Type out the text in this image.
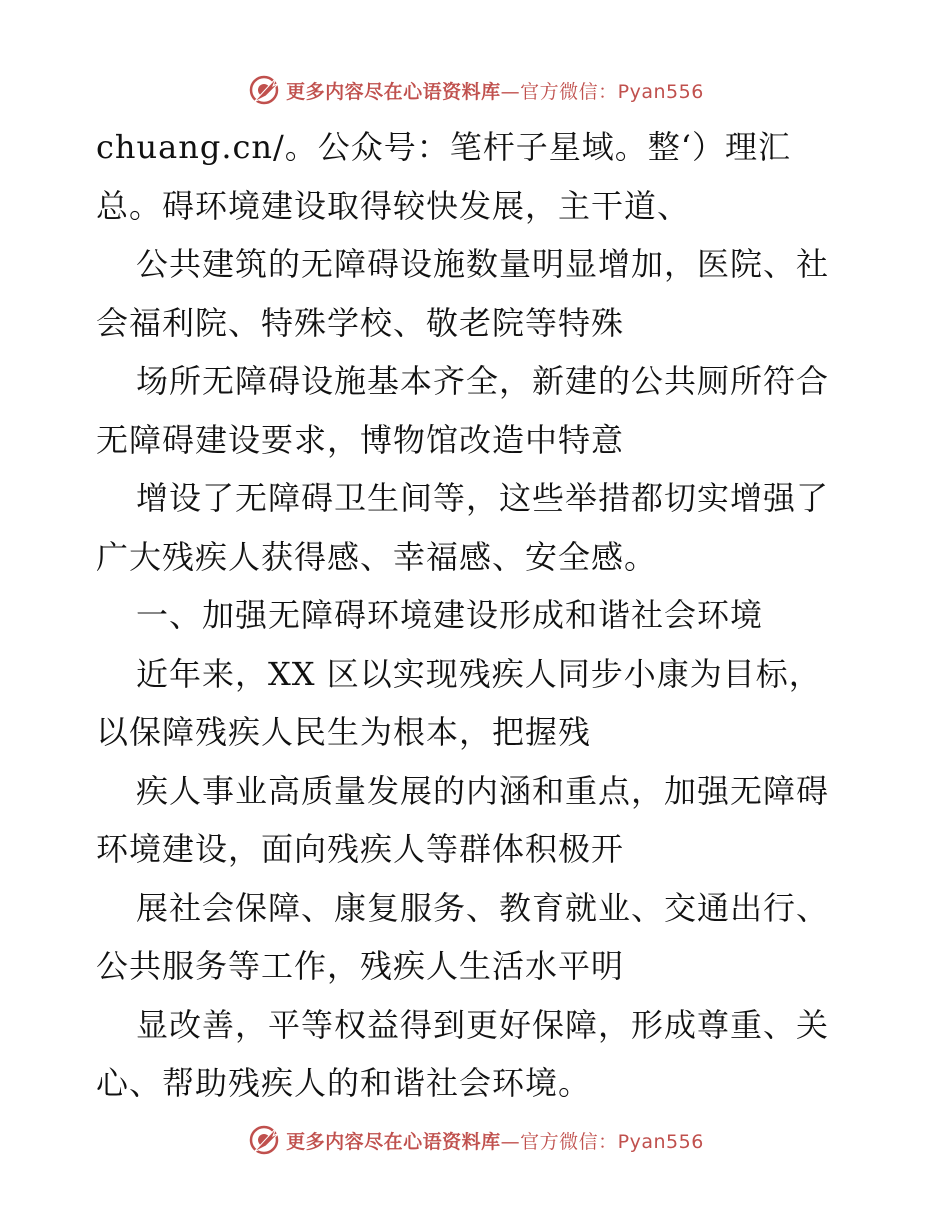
更多内容尽在心语资料库—官方微信：Pyan556
chuang.cn/。公众号：笔杆子星域。整‘）理汇
总。碍环境建设取得较快发展，主干道、
公共建筑的无障碍设施数量明显增加，医院、社
会福利院、特殊学校、敬老院等特殊
场所无障碍设施基本齐全，新建的公共厕所符合
无障碍建设要求，博物馆改造中特意
增设了无障碍卫生间等，这些举措都切实增强了
广大残疾人获得感、幸福感、安全感。
一、加强无障碍环境建设形成和谐社会环境
近年来，XX 区以实现残疾人同步小康为目标，
以保障残疾人民生为根本，把握残
疾人事业高质量发展的内涵和重点，加强无障碍
环境建设，面向残疾人等群体积极开
展社会保障、康复服务、教育就业、交通出行、
公共服务等工作，残疾人生活水平明
显改善，平等权益得到更好保障，形成尊重、关
心、帮助残疾人的和谐社会环境。
更多内容尽在心语资料库—官方微信：Pyan556
